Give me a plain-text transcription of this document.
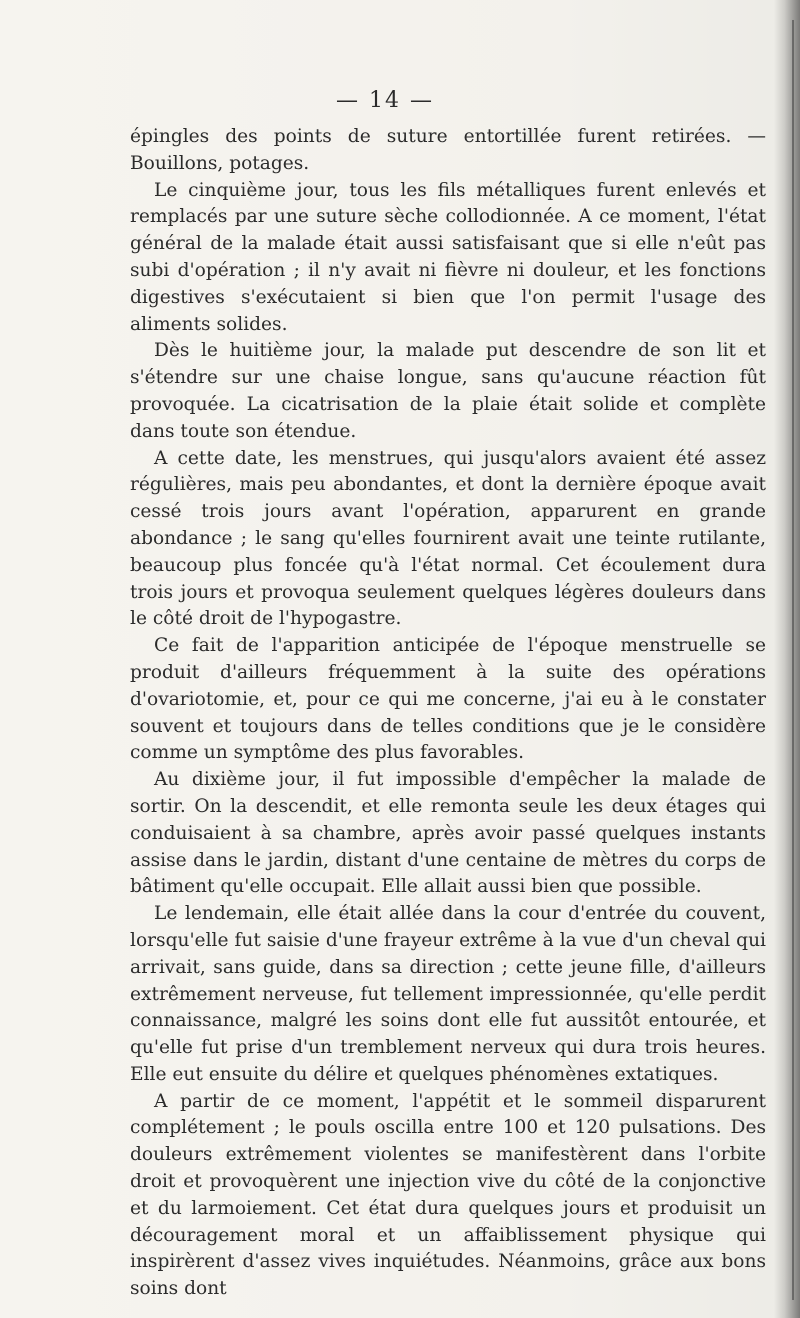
— 14 —

épingles des points de suture entortillée furent retirées. — Bouillons, potages.

Le cinquième jour, tous les fils métalliques furent enlevés et remplacés par une suture sèche collodionnée. A ce moment, l'état général de la malade était aussi satisfaisant que si elle n'eût pas subi d'opération ; il n'y avait ni fièvre ni douleur, et les fonctions digestives s'exécutaient si bien que l'on permit l'usage des aliments solides.

Dès le huitième jour, la malade put descendre de son lit et s'étendre sur une chaise longue, sans qu'aucune réaction fût provoquée. La cicatrisation de la plaie était solide et complète dans toute son étendue.

A cette date, les menstrues, qui jusqu'alors avaient été assez régulières, mais peu abondantes, et dont la dernière époque avait cessé trois jours avant l'opération, apparurent en grande abondance ; le sang qu'elles fournirent avait une teinte rutilante, beaucoup plus foncée qu'à l'état normal. Cet écoulement dura trois jours et provoqua seulement quelques légères douleurs dans le côté droit de l'hypogastre.

Ce fait de l'apparition anticipée de l'époque menstruelle se produit d'ailleurs fréquemment à la suite des opérations d'ovariotomie, et, pour ce qui me concerne, j'ai eu à le constater souvent et toujours dans de telles conditions que je le considère comme un symptôme des plus favorables.

Au dixième jour, il fut impossible d'empêcher la malade de sortir. On la descendit, et elle remonta seule les deux étages qui conduisaient à sa chambre, après avoir passé quelques instants assise dans le jardin, distant d'une centaine de mètres du corps de bâtiment qu'elle occupait. Elle allait aussi bien que possible.

Le lendemain, elle était allée dans la cour d'entrée du couvent, lorsqu'elle fut saisie d'une frayeur extrême à la vue d'un cheval qui arrivait, sans guide, dans sa direction ; cette jeune fille, d'ailleurs extrêmement nerveuse, fut tellement impressionnée, qu'elle perdit connaissance, malgré les soins dont elle fut aussitôt entourée, et qu'elle fut prise d'un tremblement nerveux qui dura trois heures. Elle eut ensuite du délire et quelques phénomènes extatiques.

A partir de ce moment, l'appétit et le sommeil disparurent complétement ; le pouls oscilla entre 100 et 120 pulsations. Des douleurs extrêmement violentes se manifestèrent dans l'orbite droit et provoquèrent une injection vive du côté de la conjonctive et du larmoiement. Cet état dura quelques jours et produisit un découragement moral et un affaiblissement physique qui inspirèrent d'assez vives inquiétudes. Néanmoins, grâce aux bons soins dont
